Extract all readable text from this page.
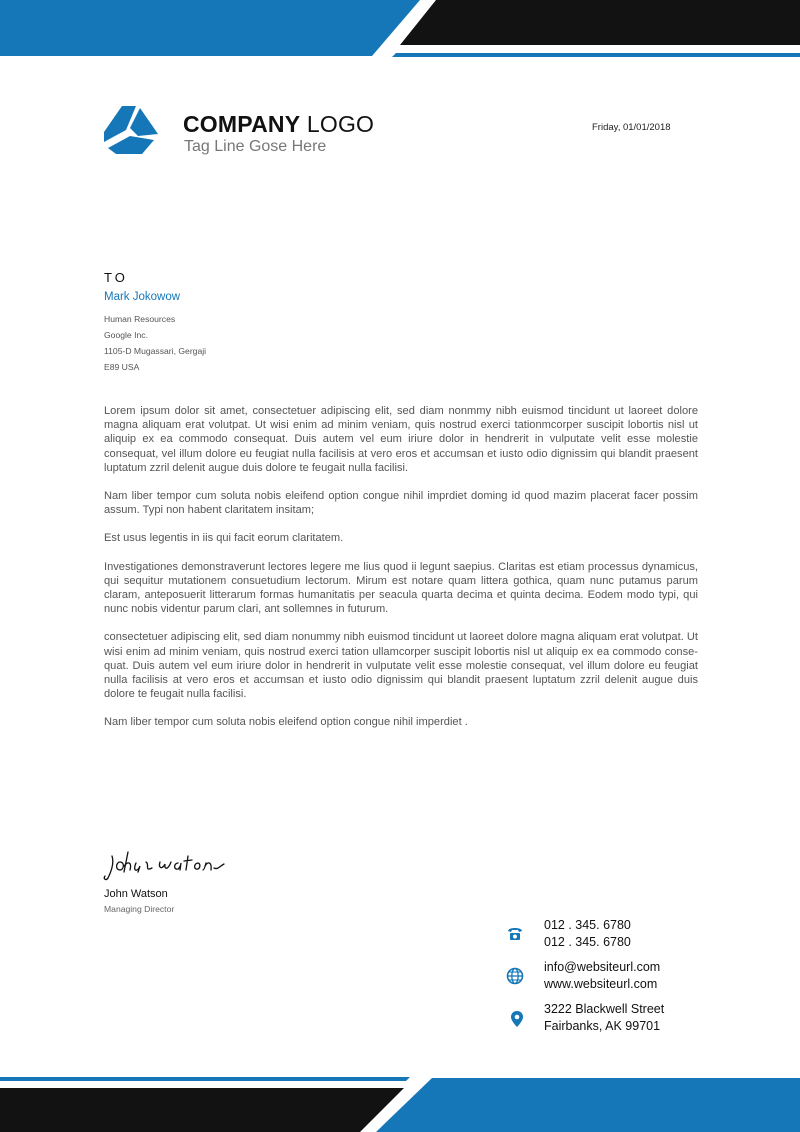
COMPANY LOGO
Tag Line Gose Here
Friday, 01/01/2018
TO
Mark Jokowow
Human Resources
Google Inc.
1105-D Mugassari, Gergaji
E89 USA

Lorem ipsum dolor sit amet, consectetuer adipiscing elit, sed diam nonmmy nibh euismod tincidunt ut laoreet dolore magna aliquam erat volutpat. Ut wisi enim ad minim veniam, quis nostrud exerci tationmcorper suscipit lobortis nisl ut aliquip ex ea commodo consequat. Duis autem vel eum iriure dolor in hendrerit in vulputate velit esse molestie consequat, vel illum dolore eu feugiat nulla facilisis at vero eros et accumsan et iusto odio dignissim qui blandit praesent luptatum zzril delenit augue duis dolore te feugait nulla facilisi.

Nam liber tempor cum soluta nobis eleifend option congue nihil imprdiet doming id quod mazim placerat facer possim assum. Typi non habent claritatem insitam;

Est usus legentis in iis qui facit eorum claritatem.

Investigationes demonstraverunt lectores legere me lius quod ii legunt saepius. Claritas est etiam processus dynamicus, qui sequitur mutationem consuetudium lectorum. Mirum est notare quam littera gothica, quam nunc putamus parum claram, anteposuerit litterarum formas humanitatis per seacula quarta decima et quinta decima. Eodem modo typi, qui nunc nobis videntur parum clari, ant sollemnes in futurum.

consectetuer adipiscing elit, sed diam nonummy nibh euismod tincidunt ut laoreet dolore magna aliquam erat volutpat. Ut wisi enim ad minim veniam, quis nostrud exerci tation ullamcorper suscipit lobortis nisl ut aliquip ex ea commodo conse-quat. Duis autem vel eum iriure dolor in hendrerit in vulputate velit esse molestie consequat, vel illum dolore eu feugiat nulla facilisis at vero eros et accumsan et iusto odio dignissim qui blandit praesent luptatum zzril delenit augue duis dolore te feugait nulla facilisi.

Nam liber tempor cum soluta nobis eleifend option congue nihil imperdiet .

John Watson
Managing Director
012 . 345. 6780
012 . 345. 6780
info@websiteurl.com
www.websiteurl.com
3222 Blackwell Street
Fairbanks, AK 99701
